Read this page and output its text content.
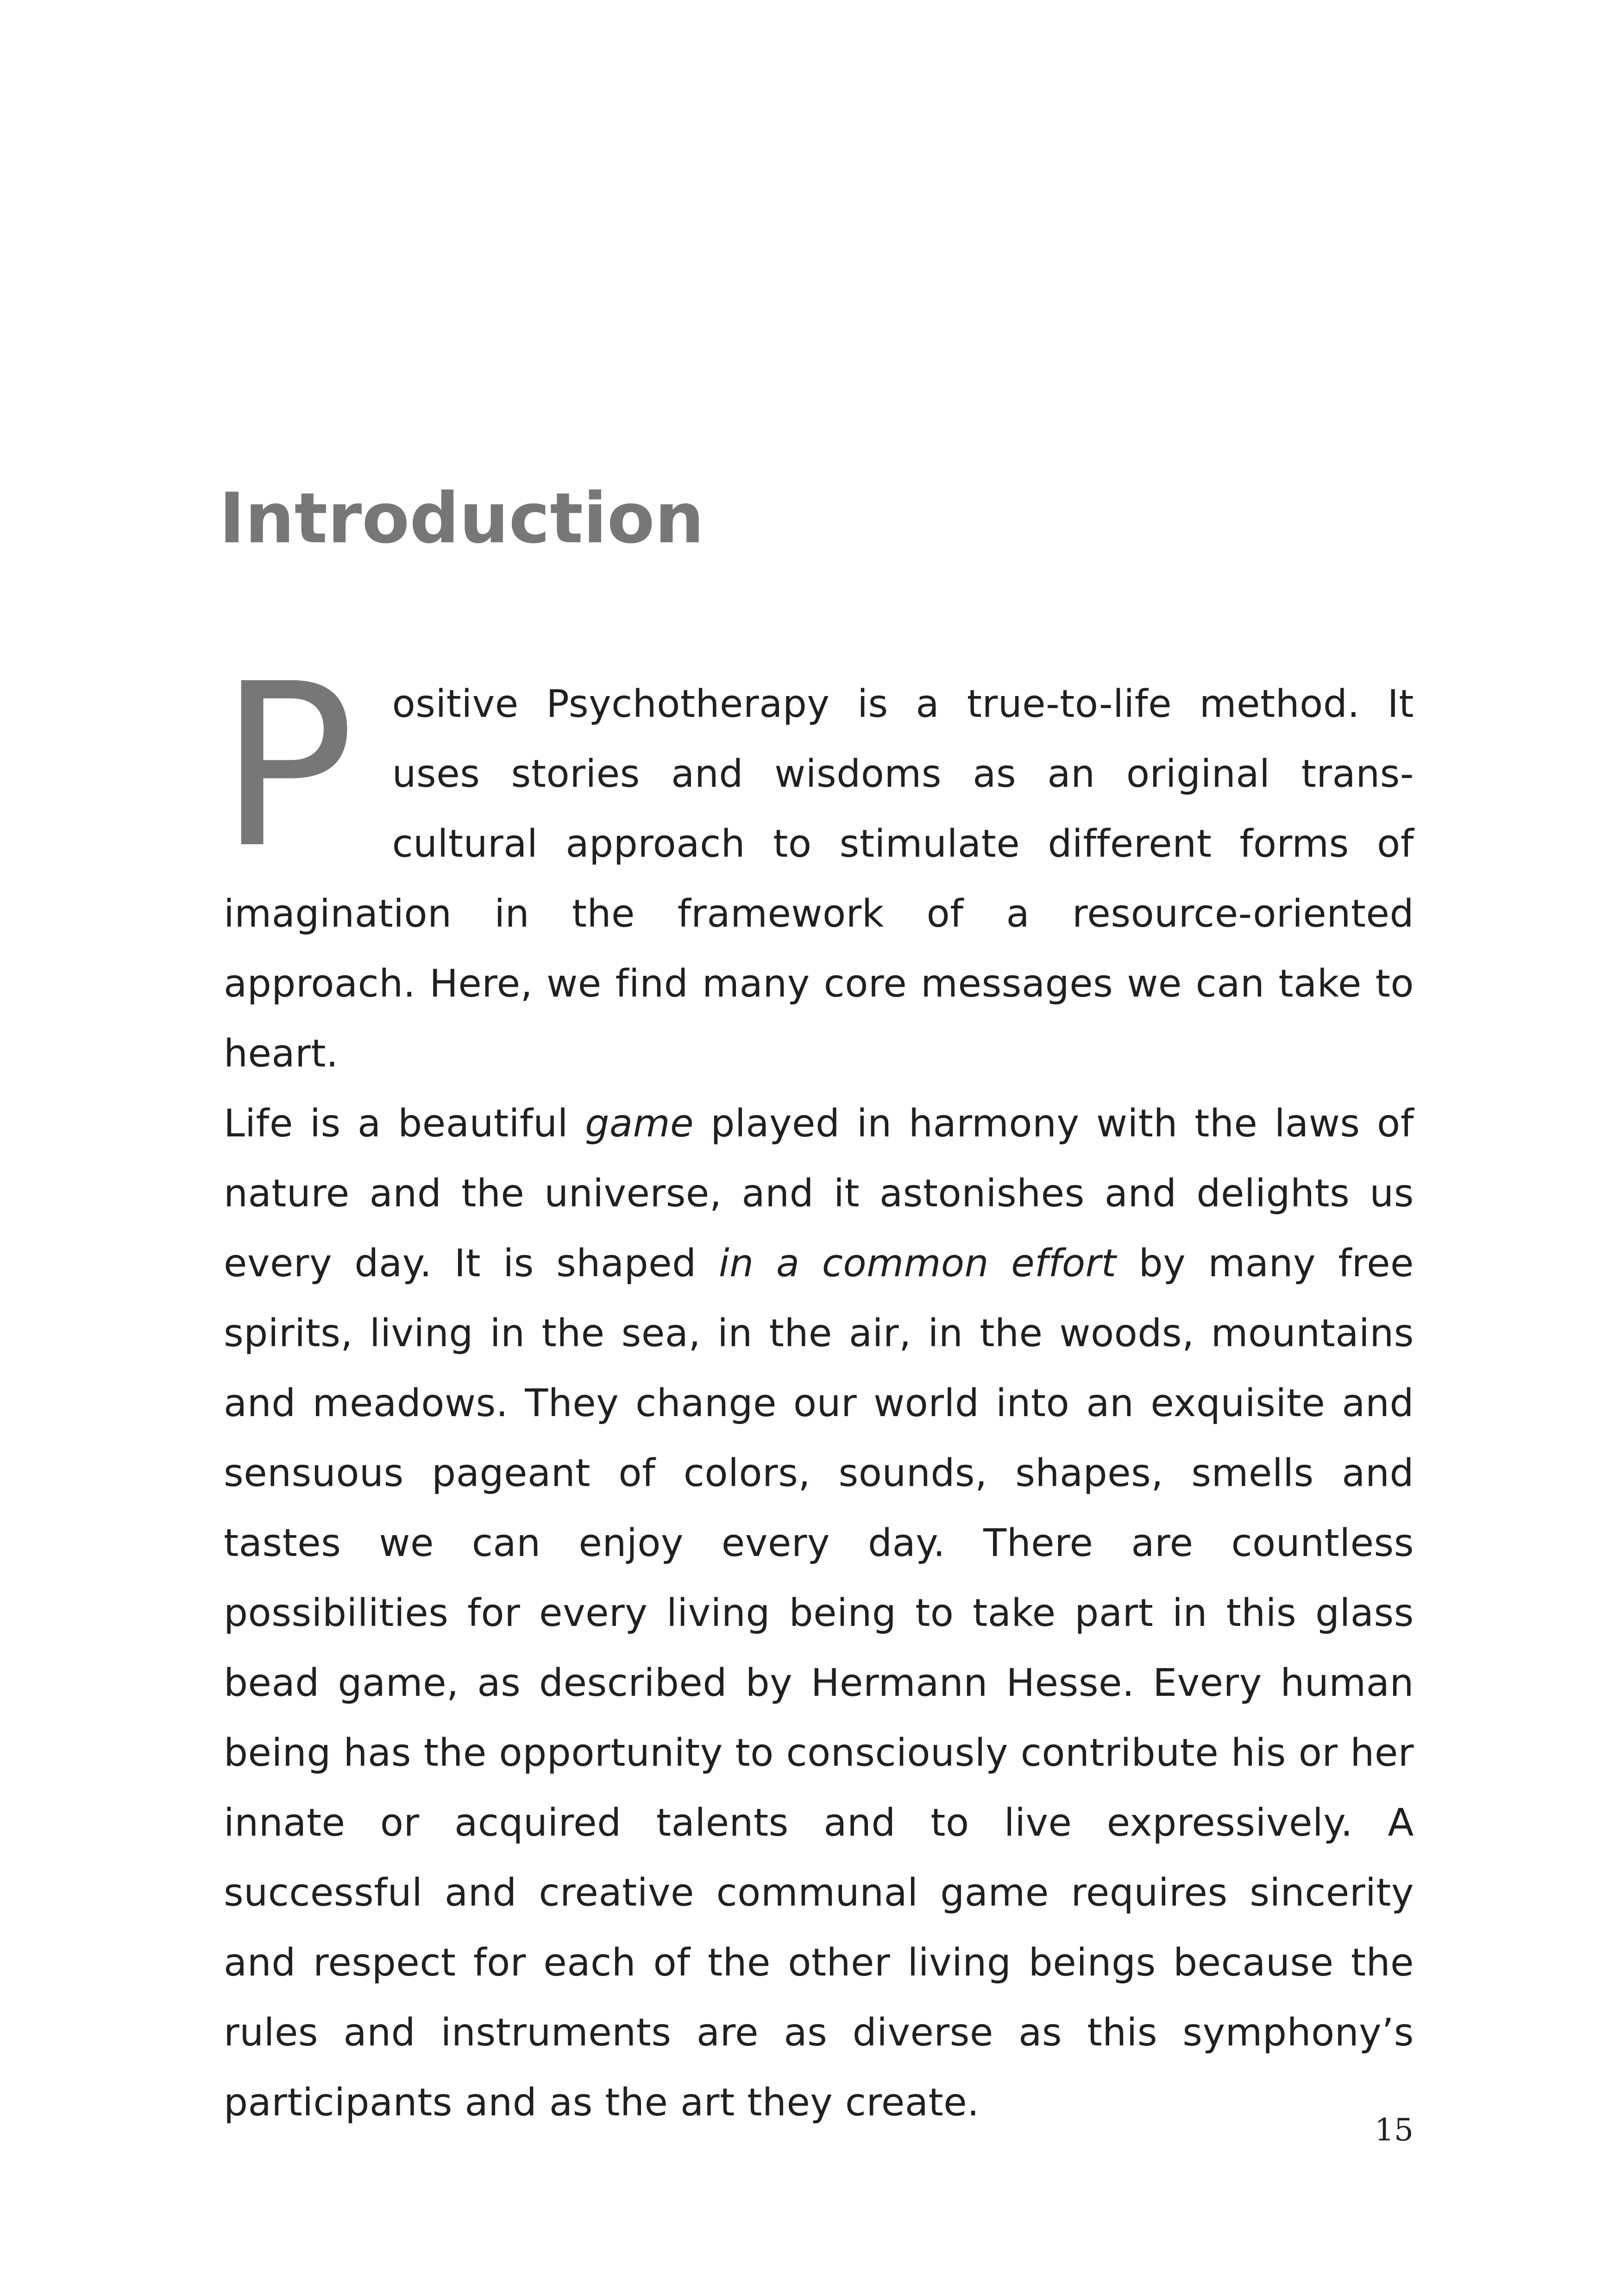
Introduction

Positive Psychotherapy is a true-to-life method. It uses stories and wisdoms as an original trans-cultural approach to stimulate different forms of imagination in the framework of a resource-oriented approach. Here, we find many core messages we can take to heart.

Life is a beautiful game played in harmony with the laws of nature and the universe, and it astonishes and delights us every day. It is shaped in a common effort by many free spirits, living in the sea, in the air, in the woods, mountains and meadows. They change our world into an exquisite and sensuous pageant of colors, sounds, shapes, smells and tastes we can enjoy every day. There are countless possibilities for every living being to take part in this glass bead game, as described by Hermann Hesse. Every human being has the opportunity to consciously contribute his or her innate or acquired talents and to live expressively. A successful and creative communal game requires sincerity and respect for each of the other living beings because the rules and instruments are as diverse as this symphony’s participants and as the art they create.

15
